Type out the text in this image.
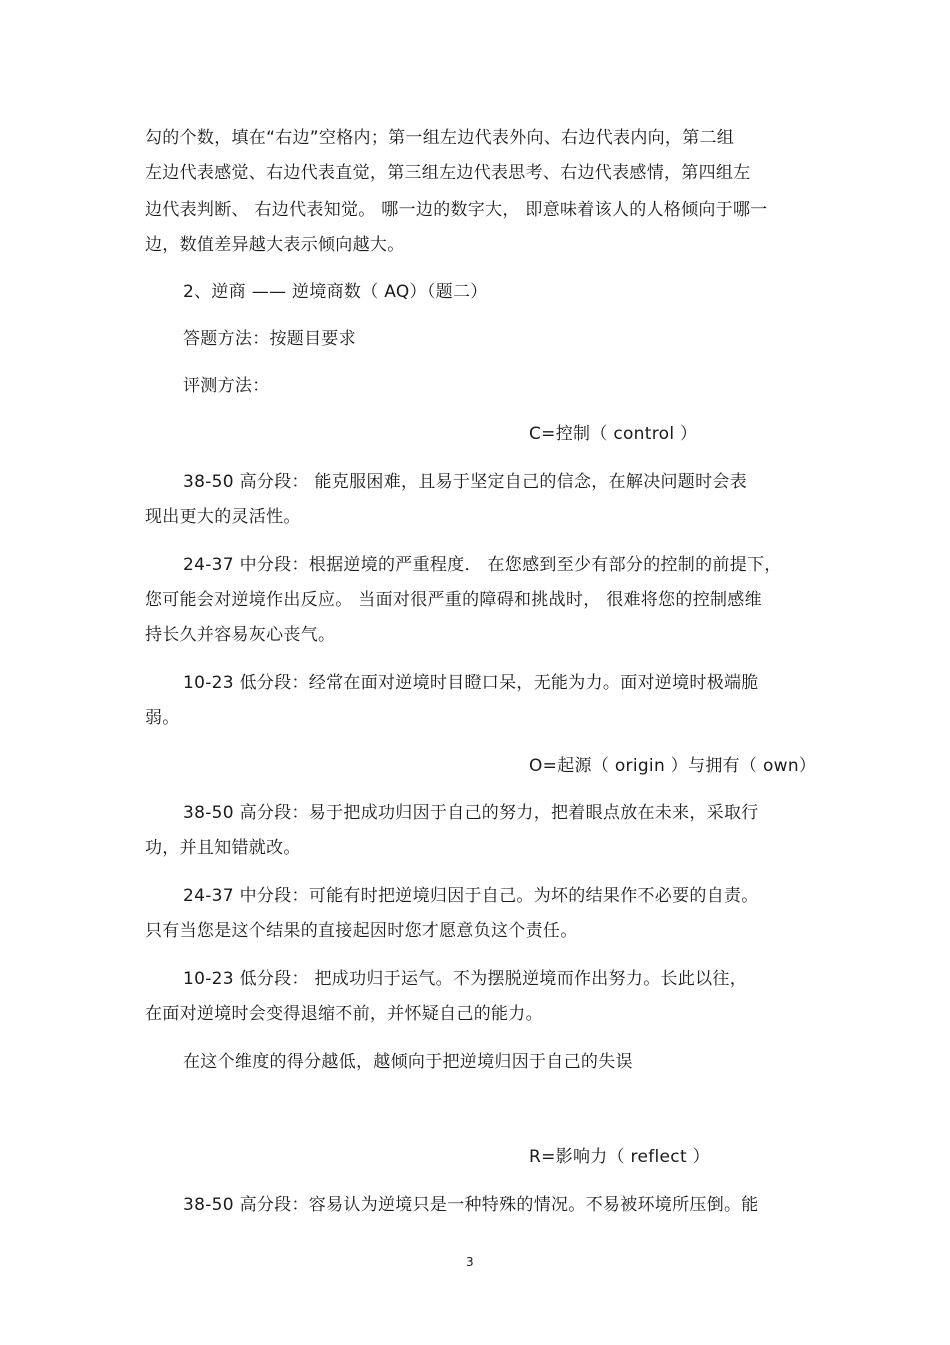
勾的个数，填在“右边”空格内；第一组左边代表外向、右边代表内向，第二组
左边代表感觉、右边代表直觉，第三组左边代表思考、右边代表感情，第四组左
边代表判断、 右边代表知觉。 哪一边的数字大， 即意味着该人的人格倾向于哪一
边，数值差异越大表示倾向越大。
2、逆商 —— 逆境商数（ AQ）（题二）
答题方法：按题目要求
评测方法：
C=控制（ control ）
38-50 高分段： 能克服困难，且易于坚定自己的信念，在解决问题时会表
现出更大的灵活性。
24-37 中分段：根据逆境的严重程度． 在您感到至少有部分的控制的前提下，
您可能会对逆境作出反应。 当面对很严重的障碍和挑战时， 很难将您的控制感维
持长久并容易灰心丧气。
10-23 低分段：经常在面对逆境时目瞪口呆，无能为力。面对逆境时极端脆
弱。
O=起源（ origin ）与拥有（ own）
38-50 高分段：易于把成功归因于自己的努力，把着眼点放在未来，采取行
功，并且知错就改。
24-37 中分段：可能有时把逆境归因于自己。为坏的结果作不必要的自责。
只有当您是这个结果的直接起因时您才愿意负这个责任。
10-23 低分段： 把成功归于运气。不为摆脱逆境而作出努力。长此以往，
在面对逆境时会变得退缩不前，并怀疑自己的能力。
在这个维度的得分越低，越倾向于把逆境归因于自己的失误
R=影响力（ reflect ）
38-50 高分段：容易认为逆境只是一种特殊的情况。不易被环境所压倒。能
3
